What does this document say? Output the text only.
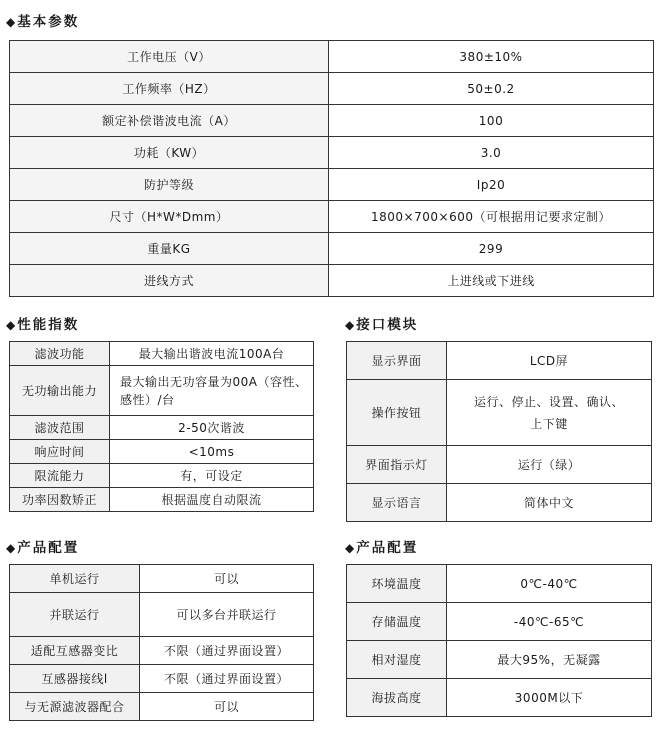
◆ 基本参数
工作电压（V）	380±10%
工作频率（HZ）	50±0.2
额定补偿谐波电流（A）	100
功耗（KW）	3.0
防护等级	Ip20
尺寸（H*W*Dmm）	1800×700×600（可根据用记要求定制）
重量KG	299
进线方式	上进线或下进线
◆ 性能指数
滤波功能	最大输出谐波电流100A台
无功输出能力	最大输出无功容量为00A（容性、感性）/台
滤波范围	2-50次谐波
响应时间	<10ms
限流能力	有，可设定
功率因数矫正	根据温度自动限流
◆ 接口模块
显示界面	LCD屏
操作按钮	运行、停止、设置、确认、上下键
界面指示灯	运行（绿）
显示语言	简体中文
◆ 产品配置
单机运行	可以
并联运行	可以多台并联运行
适配互感器变比	不限（通过界面设置）
互感器接线l	不限（通过界面设置）
与无源滤波器配合	可以
◆ 产品配置
环境温度	0℃-40℃
存储温度	-40℃-65℃
相对湿度	最大95%，无凝露
海拔高度	3000M以下
